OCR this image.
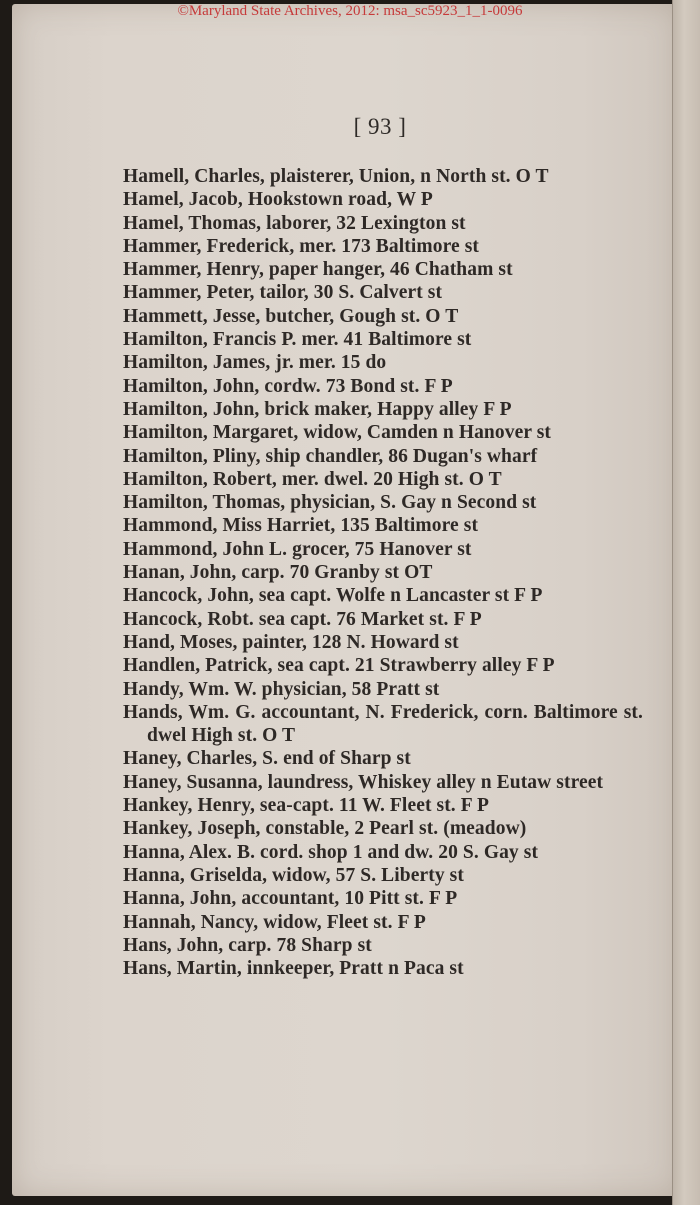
©Maryland State Archives, 2012: msa_sc5923_1_1-0096
[ 93 ]
Hamell, Charles, plaisterer, Union, n North st. O T
Hamel, Jacob, Hookstown road, W P
Hamel, Thomas, laborer, 32 Lexington st
Hammer, Frederick, mer. 173 Baltimore st
Hammer, Henry, paper hanger, 46 Chatham st
Hammer, Peter, tailor, 30 S. Calvert st
Hammett, Jesse, butcher, Gough st. O T
Hamilton, Francis P. mer. 41 Baltimore st
Hamilton, James, jr. mer. 15 do
Hamilton, John, cordw. 73 Bond st. F P
Hamilton, John, brick maker, Happy alley F P
Hamilton, Margaret, widow, Camden n Hanover st
Hamilton, Pliny, ship chandler, 86 Dugan's wharf
Hamilton, Robert, mer. dwel. 20 High st. O T
Hamilton, Thomas, physician, S. Gay n Second st
Hammond, Miss Harriet, 135 Baltimore st
Hammond, John L. grocer, 75 Hanover st
Hanan, John, carp. 70 Granby st OT
Hancock, John, sea capt. Wolfe n Lancaster st F P
Hancock, Robt. sea capt. 76 Market st. F P
Hand, Moses, painter, 128 N. Howard st
Handlen, Patrick, sea capt. 21 Strawberry alley F P
Handy, Wm. W. physician, 58 Pratt st
Hands, Wm. G. accountant, N. Frederick, corn. Baltimore st. dwel High st. O T
Haney, Charles, S. end of Sharp st
Haney, Susanna, laundress, Whiskey alley n Eutaw street
Hankey, Henry, sea-capt. 11 W. Fleet st. F P
Hankey, Joseph, constable, 2 Pearl st. (meadow)
Hanna, Alex. B. cord. shop 1 and dw. 20 S. Gay st
Hanna, Griselda, widow, 57 S. Liberty st
Hanna, John, accountant, 10 Pitt st. F P
Hannah, Nancy, widow, Fleet st. F P
Hans, John, carp. 78 Sharp st
Hans, Martin, innkeeper, Pratt n Paca st
